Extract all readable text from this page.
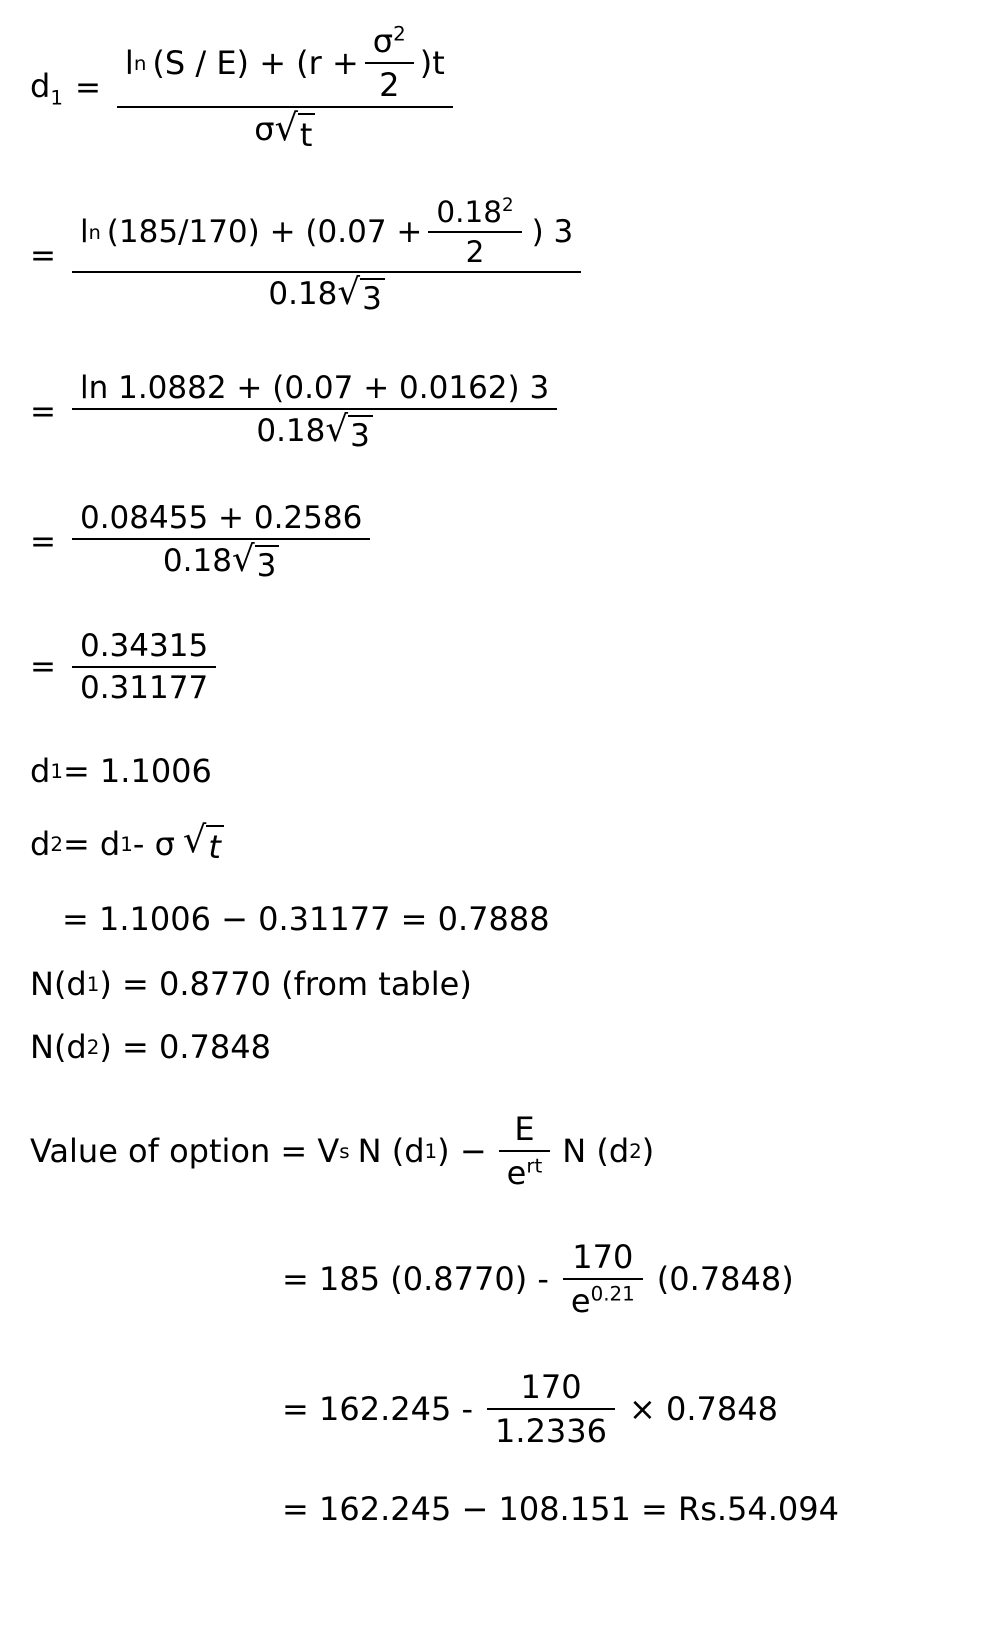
$d_1$ =
l n $(S / E) + (r + \frac{\sigma^2}{2} )t$
σ √ t
=
l n $(185/170) + (0.07 + \frac{0.18^2}{2}$ ) 3
0.18 √ 3
= $\frac{\ln 1.0882 + (0.07 + 0.0162) 3}{0.18 √ 3}$
= $\frac{0.08455 + 0.2586}{0.18 √ 3}$
= $\frac{0.34315}{0.31177}$
d 1 = 1.1006
d 2 = d 1 - σ √ t
= 1.1006 − 0.31177 = 0.7888
N(d 1 ) = 0.8770 (from table)
N(d 2 ) = 0.7848
Value of option = V s N (d 1 ) − $\frac{E}{e^{rt}}$ N (d 2 )
= 185 $(0.8770) - \frac{170}{e^{0.21}} (0.7848)$
= $162.245 - \frac{170}{1.2336} \times 0.7848$
= 162.245 − 108.151 = Rs.54.094
